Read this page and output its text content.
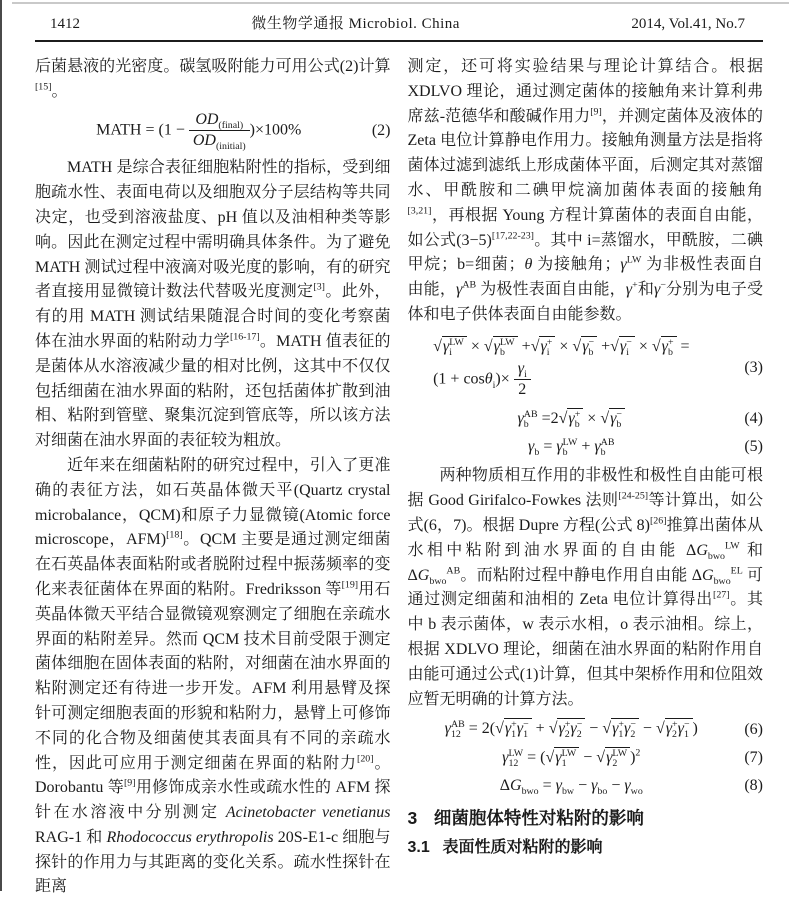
1412	微生物学通报 Microbiol. China	2014, Vol.41, No.7

后菌悬液的光密度。碳氢吸附能力可用公式(2)计算[15]。

MATH = $(1 - \frac{OD_{(final)}}{OD_{(initial)}} )\times 100\%$	(2)

MATH 是综合表征细胞粘附性的指标，受到细胞疏水性、表面电荷以及细胞双分子层结构等共同决定，也受到溶液盐度、pH 值以及油相种类等影响。因此在测定过程中需明确具体条件。为了避免 MATH 测试过程中液滴对吸光度的影响，有的研究者直接用显微镜计数法代替吸光度测定[3]。此外，有的用 MATH 测试结果随混合时间的变化考察菌体在油水界面的粘附动力学[16-17]。MATH 值表征的是菌体从水溶液减少量的相对比例，这其中不仅仅包括细菌在油水界面的粘附，还包括菌体扩散到油相、粘附到管壁、聚集沉淀到管底等，所以该方法对细菌在油水界面的表征较为粗放。

近年来在细菌粘附的研究过程中，引入了更准确的表征方法，如石英晶体微天平(Quartz crystal microbalance，QCM)和原子力显微镜(Atomic force microscope，AFM)[18]。QCM 主要是通过测定细菌在石英晶体表面粘附或者脱附过程中振荡频率的变化来表征菌体在界面的粘附。Fredriksson 等[19]用石英晶体微天平结合显微镜观察测定了细胞在亲疏水界面的粘附差异。然而 QCM 技术目前受限于测定菌体细胞在固体表面的粘附，对细菌在油水界面的粘附测定还有待进一步开发。AFM 利用悬臂及探针可测定细胞表面的形貌和粘附力，悬臂上可修饰不同的化合物及细菌使其表面具有不同的亲疏水性，因此可应用于测定细菌在界面的粘附力[20]。Dorobantu 等[9]用修饰成亲水性或疏水性的 AFM 探针在水溶液中分别测定 Acinetobacter venetianus RAG-1 和 Rhodococcus erythropolis 20S-E1-c 细胞与探针的作用力与其距离的变化关系。疏水性探针在距离

测定，还可将实验结果与理论计算结合。根据 XDLVO 理论，通过测定菌体的接触角来计算利弗席兹-范德华和酸碱作用力[9]，并测定菌体及液体的 Zeta 电位计算静电作用力。接触角测量方法是指将菌体过滤到滤纸上形成菌体平面，后测定其对蒸馏水、甲酰胺和二碘甲烷滴加菌体表面的接触角[3,21]，再根据 Young 方程计算菌体的表面自由能，如公式(3−5)[17,22-23]。其中 i=蒸馏水，甲酰胺，二碘甲烷；b=细菌；θ 为接触角；$\gamma^{LW}$ 为非极性表面自由能，$\gamma^{AB}$ 为极性表面自由能，γ+和γ−分别为电子受体和电子供体表面自由能参数。

√γ LW
i × √γ LW
b +√γ +
i × √γ −
b +√γ −
i × √γ +
b =
$(1 + \cos\theta_i)\times \frac{\gamma_i}{2}$	(3)
γ AB
b =2√γ +
b × √γ −
b	(4)
$\gamma_b = \gamma$ LW
b + γ AB
b	(5)

两种物质相互作用的非极性和极性自由能可根据 Good Girifalco-Fowkes 法则[24-25]等计算出，如公式(6，7)。根据 Dupre 方程(公式 8)[26]推算出菌体从水相中粘附到油水界面的自由能 $\Delta G_{bwo}^{LW}$ 和 $\Delta G_{bwo}^{AB}$。而粘附过程中静电作用自由能 $\Delta G_{bwo}^{EL}$ 可通过测定细菌和油相的 Zeta 电位计算得出[27]。其中 b 表示菌体，w 表示水相，o 表示油相。综上，根据 XDLVO 理论，细菌在油水界面的粘附作用自由能可通过公式(1)计算，但其中架桥作用和位阻效应暂无明确的计算方法。

γ AB
12 = 2(√γ +
1 γ −
1 + √γ +
2 γ −
2 − √γ +
1 γ −
2 − √γ +
2 γ −
1 )	(6)
γ LW
12 = (√γ LW
1 − √γ LW
2 )$^2$	(7)
$\Delta G_{bwo} = \gamma_{bw} - \gamma_{bo} - \gamma_{wo}$	(8)
3 细菌胞体特性对粘附的影响
3.1 表面性质对粘附的影响
